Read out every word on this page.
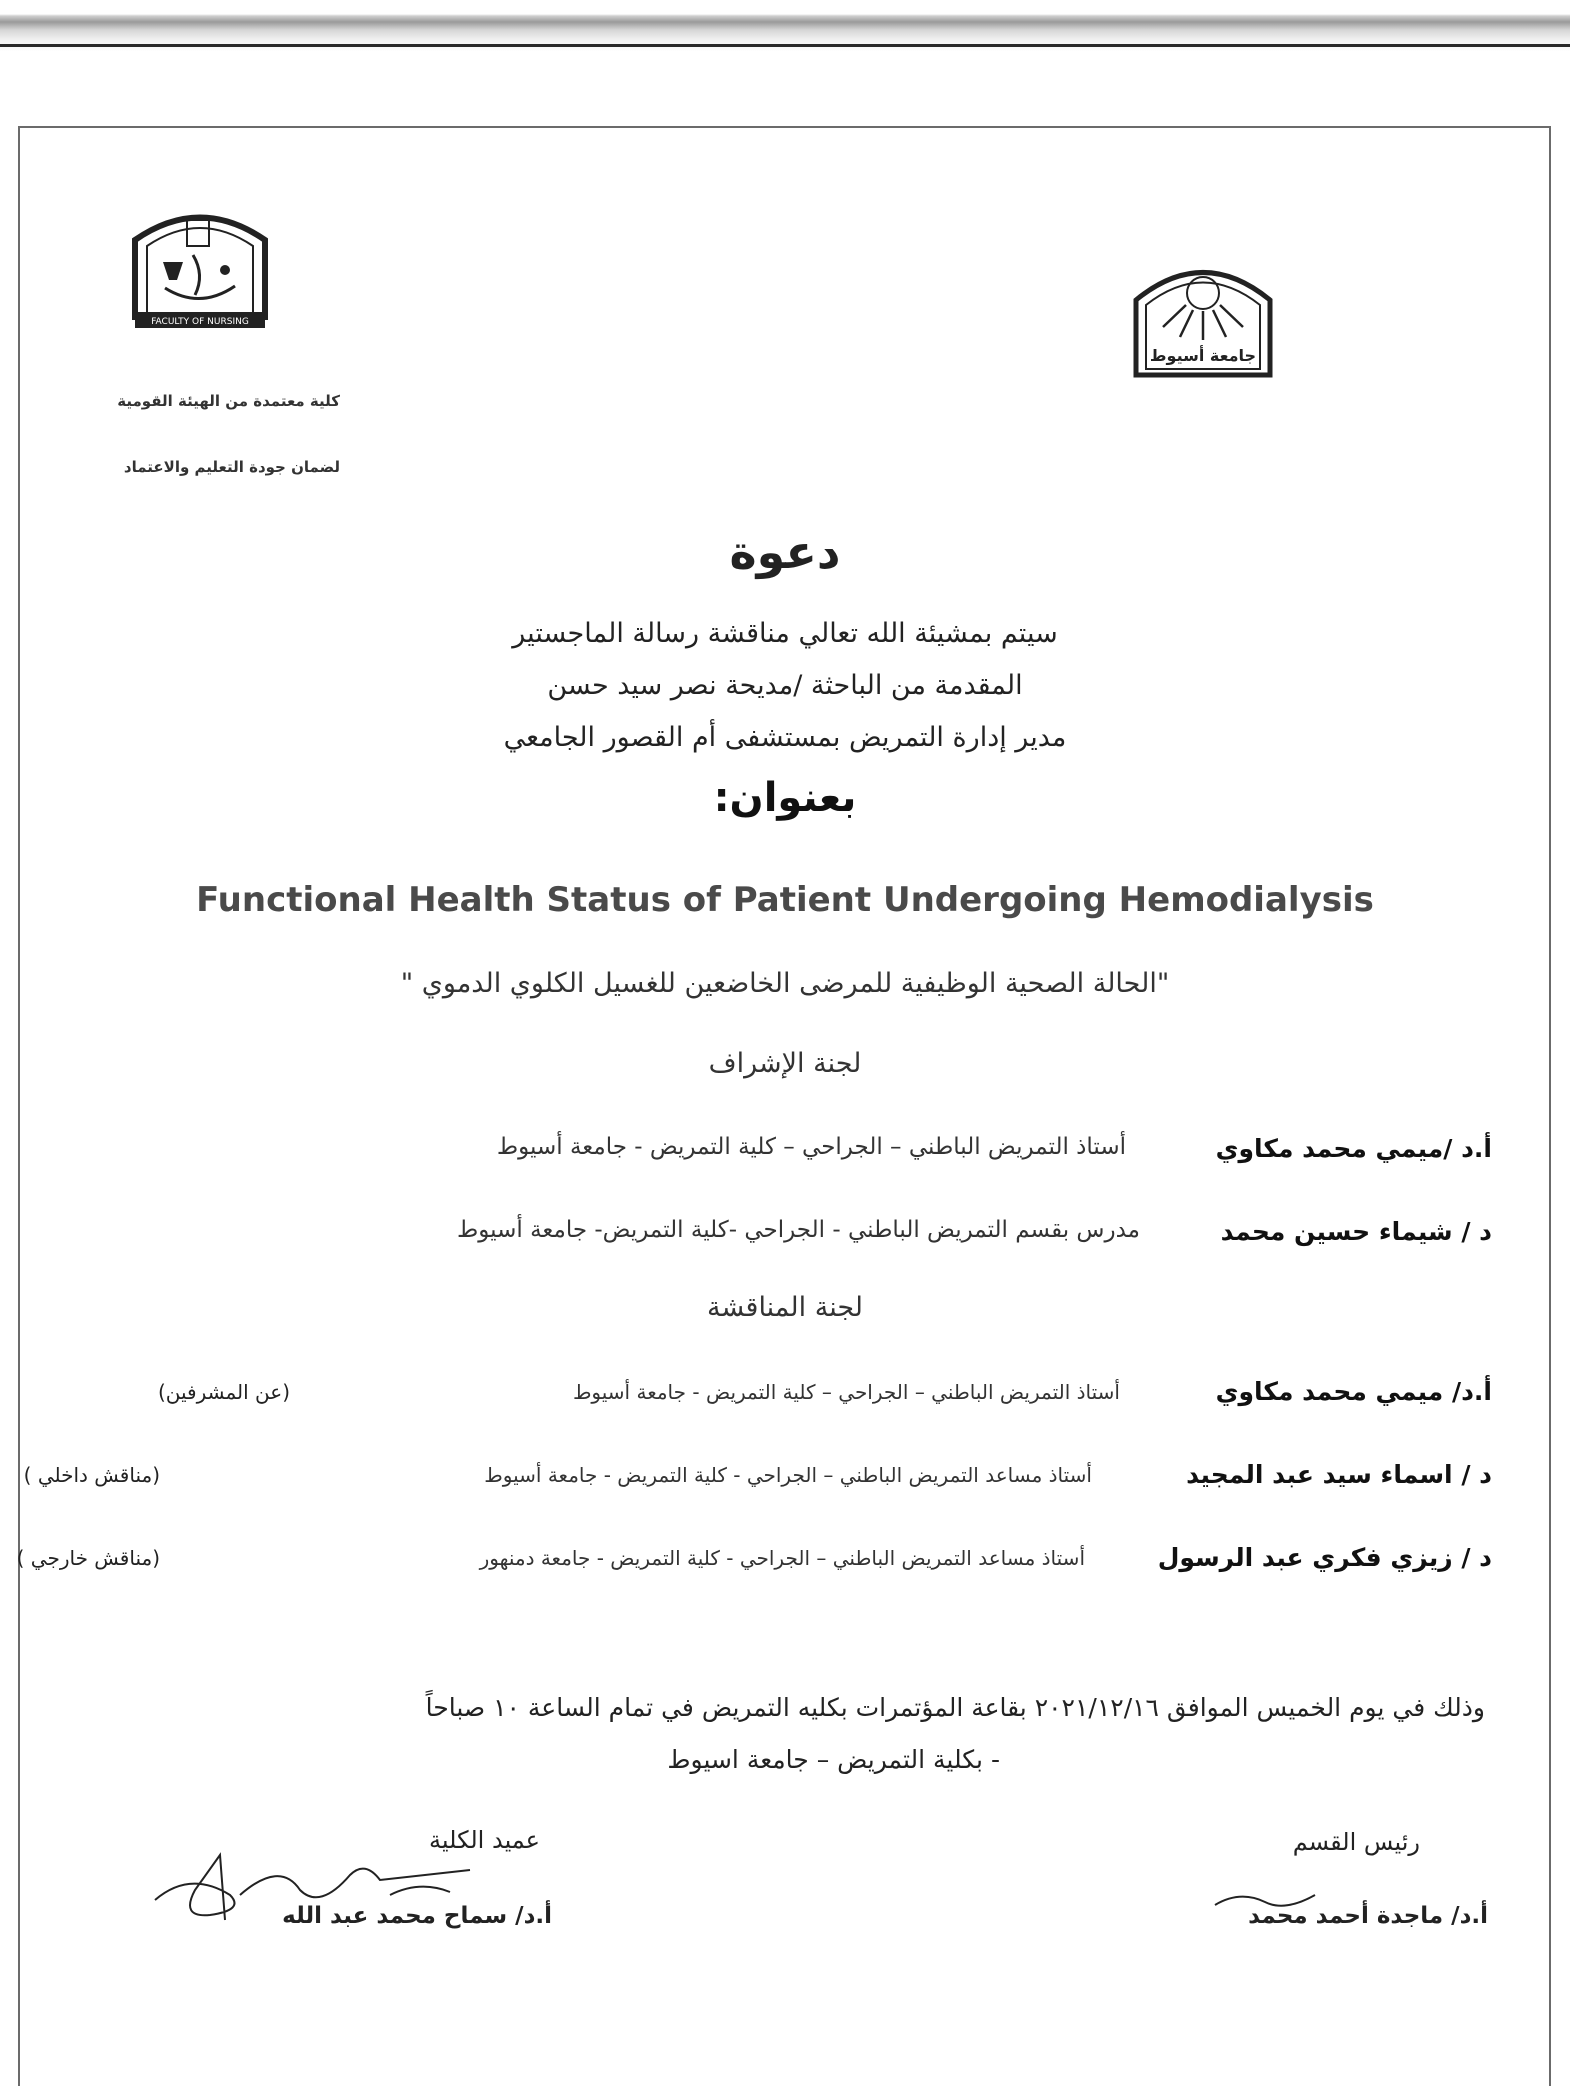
FACULTY OF NURSING
كلية معتمدة من الهيئة القومية
لضمان جودة التعليم والاعتماد
جامعة أسيوط
دعوة
سيتم بمشيئة الله تعالي مناقشة رسالة الماجستير
المقدمة من الباحثة /مديحة نصر سيد حسن
مدير إدارة التمريض بمستشفى أم القصور الجامعي
بعنوان:
Functional Health Status of Patient Undergoing Hemodialysis
"الحالة الصحية الوظيفية للمرضى الخاضعين للغسيل الكلوي الدموي "
لجنة الإشراف
أ.د /ميمي محمد مكاوي
أستاذ التمريض الباطني – الجراحي – كلية التمريض - جامعة أسيوط
د / شيماء حسين محمد
مدرس بقسم التمريض الباطني - الجراحي -كلية التمريض- جامعة أسيوط
لجنة المناقشة
أ.د/ ميمي محمد مكاوي
أستاذ التمريض الباطني – الجراحي – كلية التمريض - جامعة أسيوط
(عن المشرفين)
د / اسماء سيد عبد المجيد
أستاذ مساعد التمريض الباطني – الجراحي - كلية التمريض - جامعة أسيوط
(مناقش داخلي )
د / زيزي فكري عبد الرسول
أستاذ مساعد التمريض الباطني – الجراحي - كلية التمريض - جامعة دمنهور
(مناقش خارجي )
وذلك في يوم الخميس الموافق ٢٠٢١/١٢/١٦ بقاعة المؤتمرات بكليه التمريض في تمام الساعة ١٠ صباحاً
- بكلية التمريض – جامعة اسيوط
عميد الكلية
أ.د/ سماح محمد عبد الله
رئيس القسم
أ.د/ ماجدة أحمد محمد
